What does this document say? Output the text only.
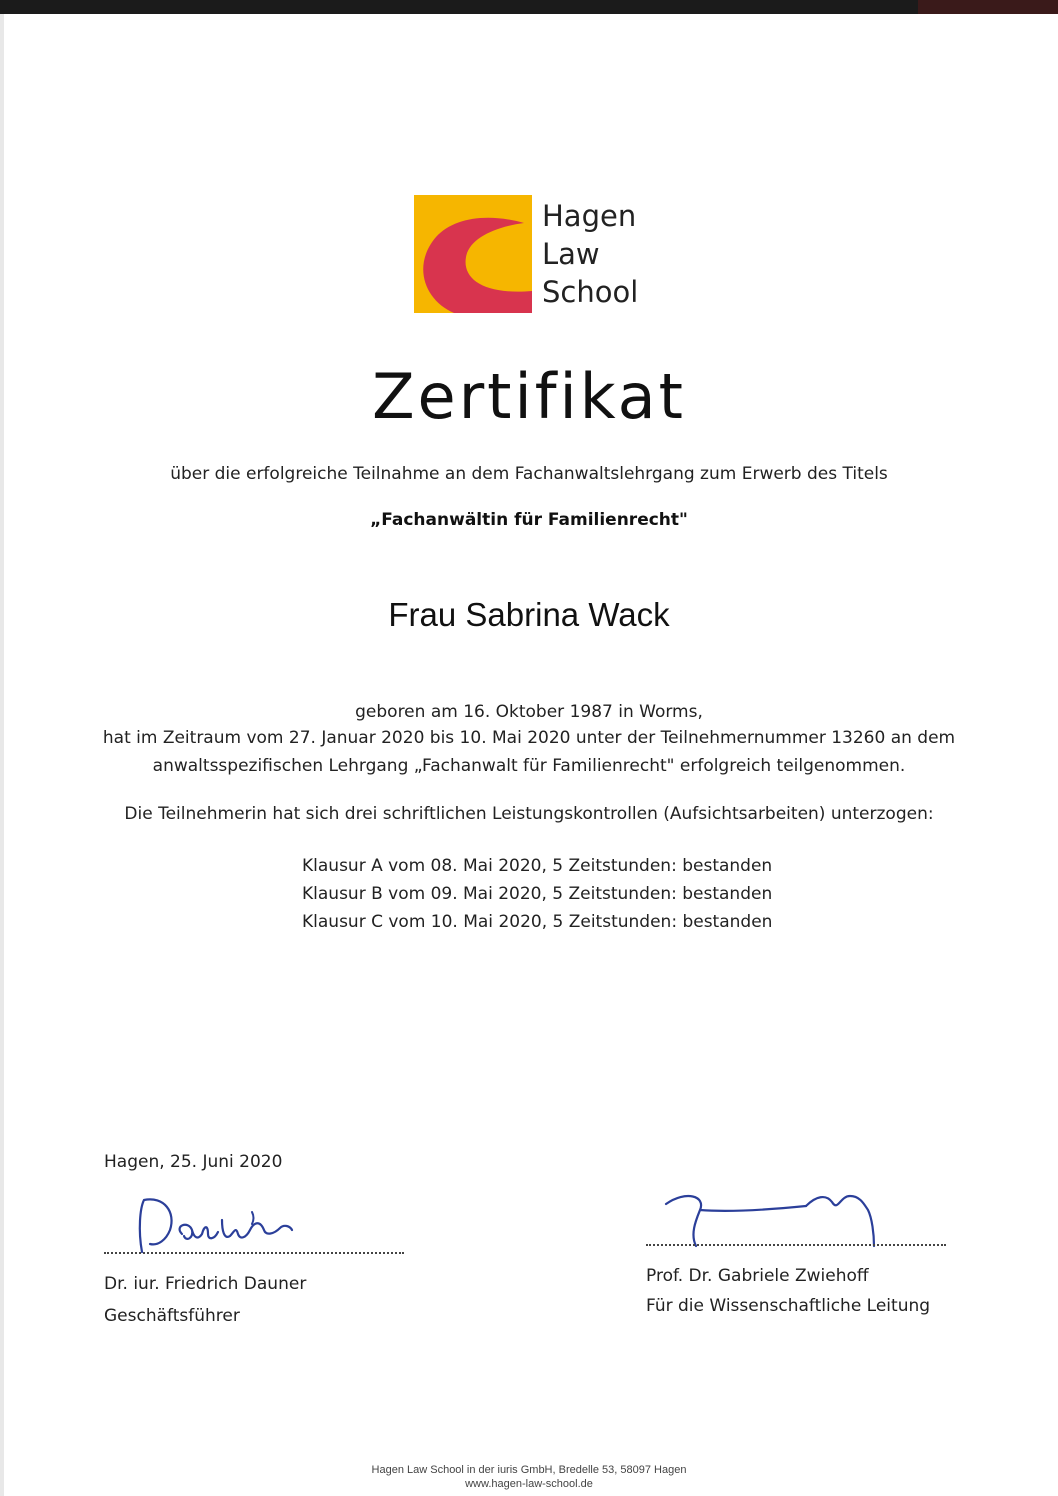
Hagen
Law
School
Zertifikat
über die erfolgreiche Teilnahme an dem Fachanwaltslehrgang zum Erwerb des Titels
„Fachanwältin für Familienrecht"
Frau Sabrina Wack
geboren am 16. Oktober 1987 in Worms,
hat im Zeitraum vom 27. Januar 2020 bis 10. Mai 2020 unter der Teilnehmernummer 13260 an dem
anwaltsspezifischen Lehrgang „Fachanwalt für Familienrecht" erfolgreich teilgenommen.
Die Teilnehmerin hat sich drei schriftlichen Leistungskontrollen (Aufsichtsarbeiten) unterzogen:
Klausur A vom 08. Mai 2020, 5 Zeitstunden: bestanden
Klausur B vom 09. Mai 2020, 5 Zeitstunden: bestanden
Klausur C vom 10. Mai 2020, 5 Zeitstunden: bestanden
Hagen, 25. Juni 2020
Dr. iur. Friedrich Dauner
Geschäftsführer
Prof. Dr. Gabriele Zwiehoff
Für die Wissenschaftliche Leitung
Hagen Law School in der iuris GmbH, Bredelle 53, 58097 Hagen
www.hagen-law-school.de
